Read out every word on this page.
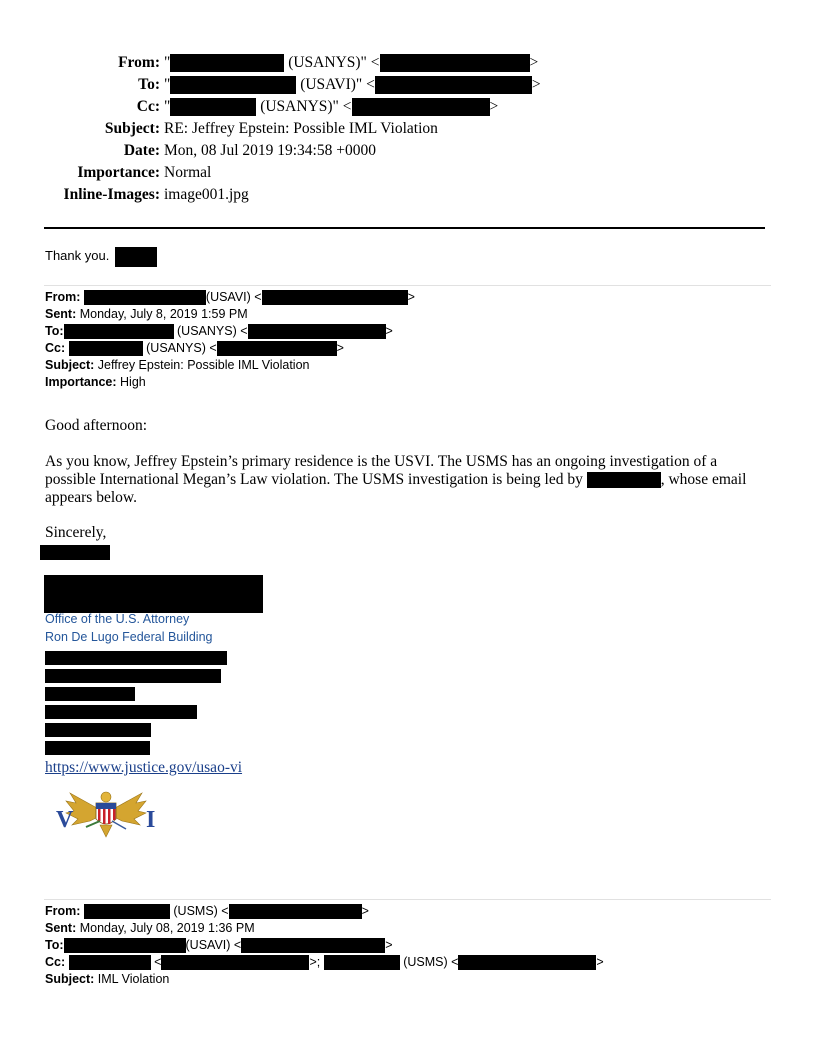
From: "	(USANYS)" <	>
To: "	(USAVI)" <	>
Cc: "	(USANYS)" <	>
Subject: RE: Jeffrey Epstein: Possible IML Violation
Date: Mon, 08 Jul 2019 19:34:58 +0000
Importance: Normal
Inline-Images: image001.jpg
Thank you.
From:	(USAVI) <	>
Sent: Monday, July 8, 2019 1:59 PM
To:	(USANYS) <	>
Cc:	(USANYS) <	>
Subject: Jeffrey Epstein: Possible IML Violation
Importance: High
Good afternoon:
As you know, Jeffrey Epstein’s primary residence is the USVI. The USMS has an ongoing investigation of a
possible International Megan’s Law violation. The USMS investigation is being led by	, whose email
appears below.
Sincerely,
Office of the U.S. Attorney
Ron De Lugo Federal Building
https://www.justice.gov/usao-vi
V	I
From:	(USMS) <	>
Sent: Monday, July 08, 2019 1:36 PM
To:	(USAVI) <	>
Cc:	<	>;	(USMS) <	>
Subject: IML Violation
